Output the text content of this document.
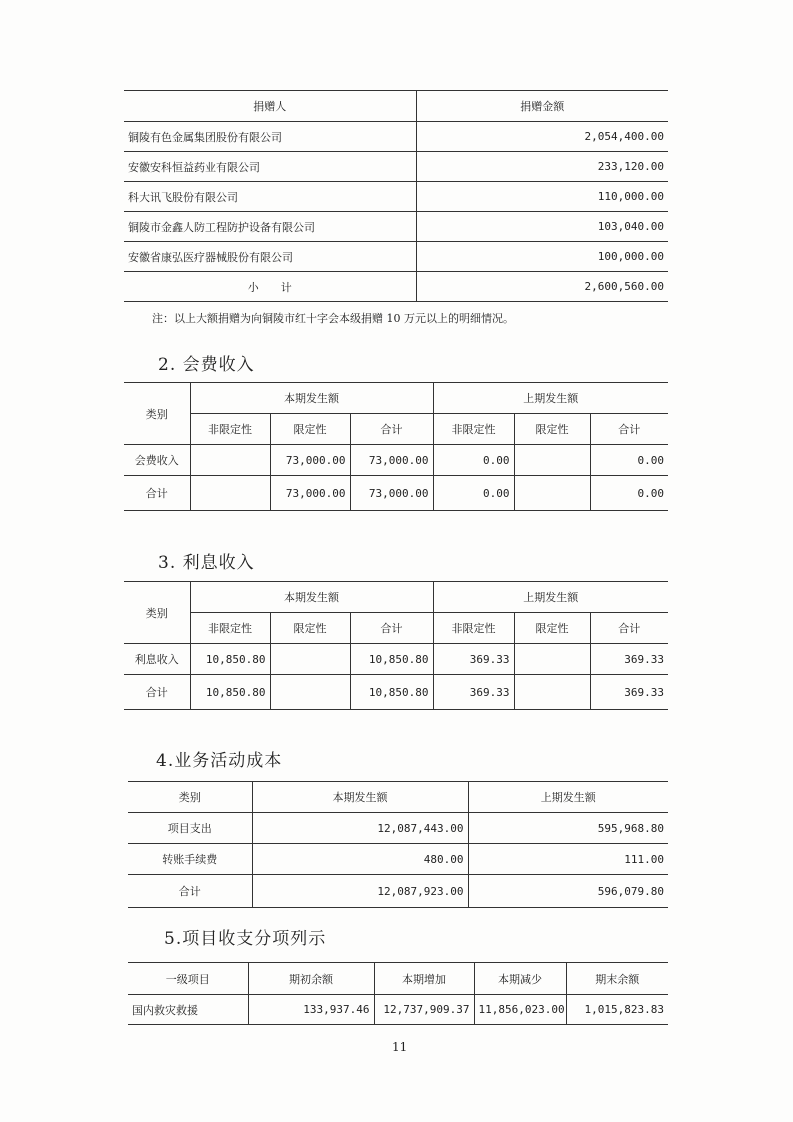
捐赠人	捐赠金额
铜陵有色金属集团股份有限公司	2,054,400.00
安徽安科恒益药业有限公司	233,120.00
科大讯飞股份有限公司	110,000.00
铜陵市金鑫人防工程防护设备有限公司	103,040.00
安徽省康弘医疗器械股份有限公司	100,000.00
小　　计	2,600,560.00
注：以上大额捐赠为向铜陵市红十字会本级捐赠 10 万元以上的明细情况。
2. 会费收入
类别	本期发生额			上期发生额		
	非限定性	限定性	合计	非限定性	限定性	合计
会费收入		73,000.00	73,000.00	0.00		0.00
合计		73,000.00	73,000.00	0.00		0.00
3. 利息收入
类别	本期发生额			上期发生额		
	非限定性	限定性	合计	非限定性	限定性	合计
利息收入	10,850.80		10,850.80	369.33		369.33
合计	10,850.80		10,850.80	369.33		369.33
4.业务活动成本
类别	本期发生额	上期发生额
项目支出	12,087,443.00	595,968.80
转账手续费	480.00	111.00
合计	12,087,923.00	596,079.80
5.项目收支分项列示
一级项目	期初余额	本期增加	本期减少	期末余额
国内救灾救援	133,937.46	12,737,909.37	11,856,023.00	1,015,823.83
11
